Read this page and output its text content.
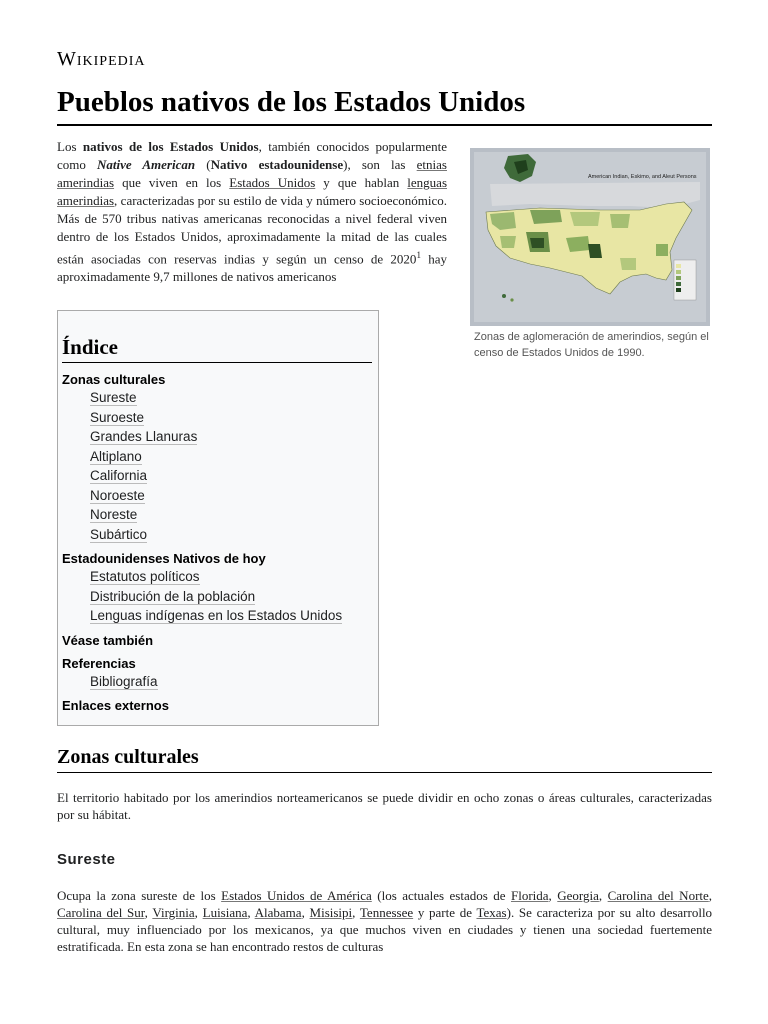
Wikipedia
Pueblos nativos de los Estados Unidos

Los nativos de los Estados Unidos, también conocidos popularmente como Native American (Nativo estadounidense), son las etnias amerindias que viven en los Estados Unidos y que hablan lenguas amerindias, caracterizadas por su estilo de vida y número socioeconómico. Más de 570 tribus nativas americanas reconocidas a nivel federal viven dentro de los Estados Unidos, aproximadamente la mitad de las cuales están asociadas con reservas indias y según un censo de 2020$^1$ hay aproximadamente 9,7 millones de nativos americanos

American Indian, Eskimo, and Aleut Persons
Zonas de aglomeración de amerindios, según el censo de Estados Unidos de 1990.
Índice
Zonas culturales
Sureste
Suroeste
Grandes Llanuras
Altiplano
California
Noroeste
Noreste
Subártico
Estadounidenses Nativos de hoy
Estatutos políticos
Distribución de la población
Lenguas indígenas en los Estados Unidos
Véase también
Referencias
Bibliografía
Enlaces externos
Zonas culturales

El territorio habitado por los amerindios norteamericanos se puede dividir en ocho zonas o áreas culturales, caracterizadas por su hábitat.

Sureste

Ocupa la zona sureste de los Estados Unidos de América (los actuales estados de Florida, Georgia, Carolina del Norte, Carolina del Sur, Virginia, Luisiana, Alabama, Misisipi, Tennessee y parte de Texas). Se caracteriza por su alto desarrollo cultural, muy influenciado por los mexicanos, ya que muchos viven en ciudades y tienen una sociedad fuertemente estratificada. En esta zona se han encontrado restos de culturas
